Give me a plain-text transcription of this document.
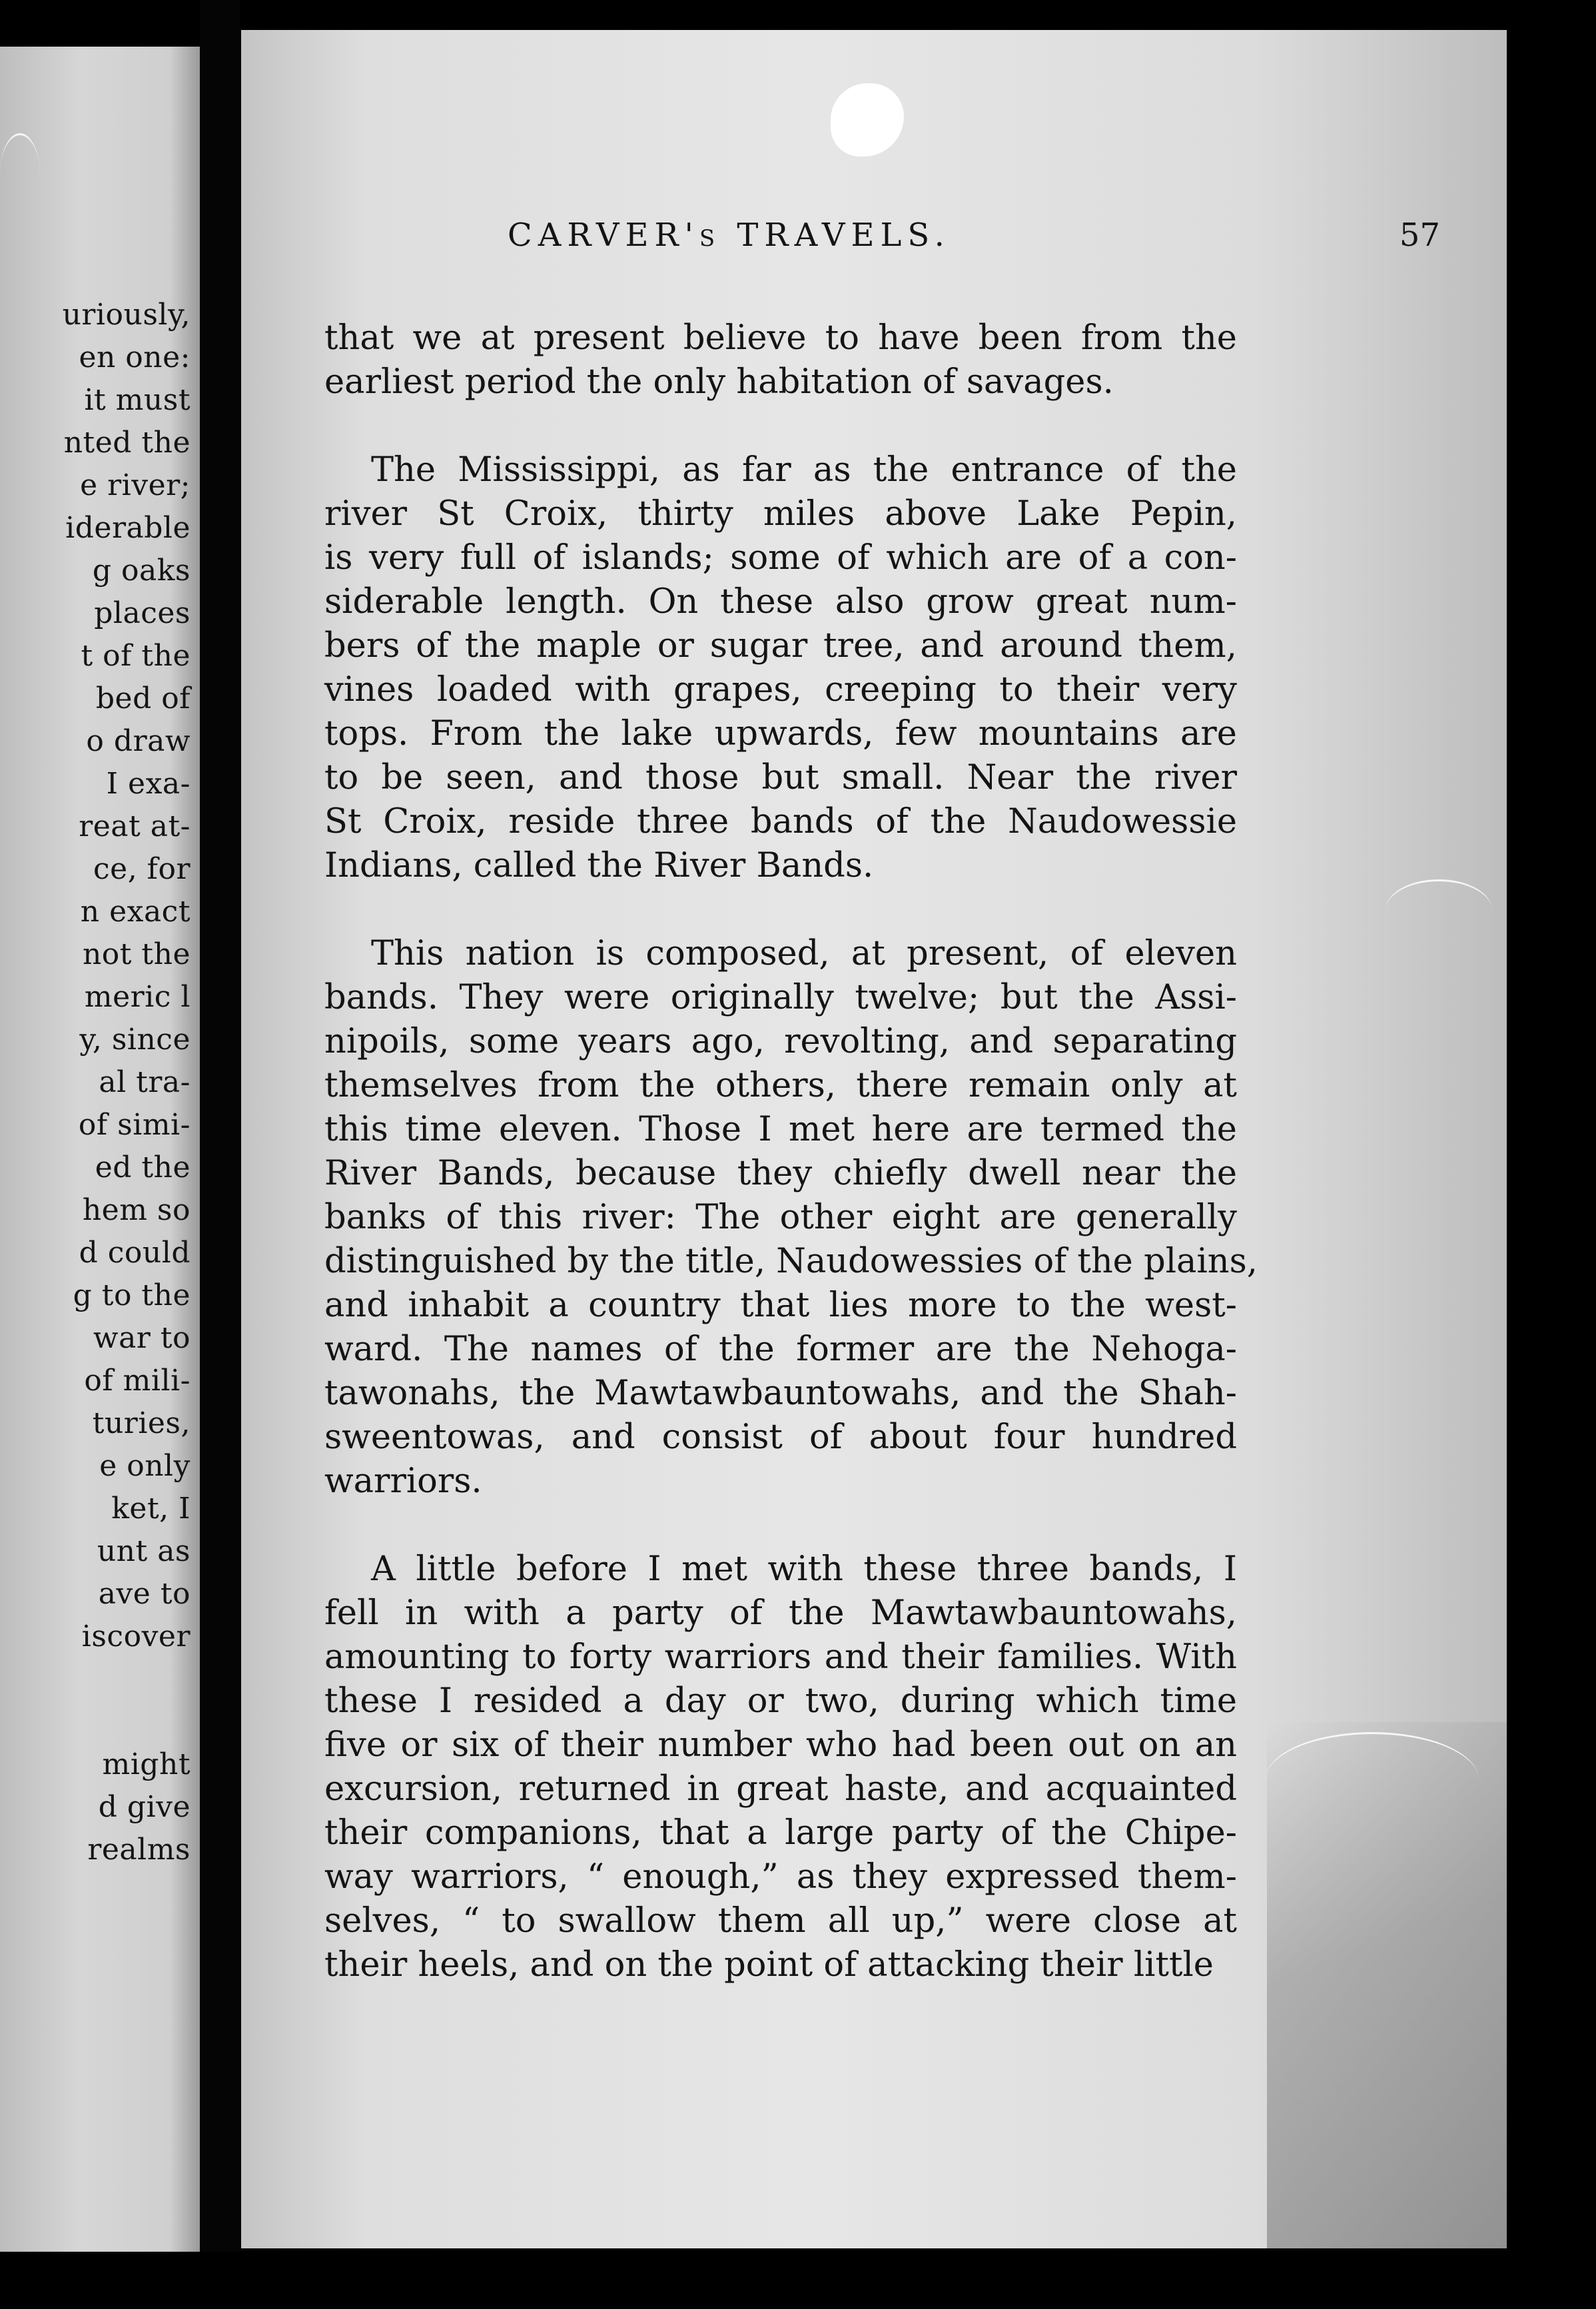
uriously,
en one:
it must
nted the
e river;
iderable
g oaks
places
t of the
bed of
o draw
I exa-
reat at-
ce, for
n exact
not the
meric l
y, since
al tra-
of simi-
ed the
hem so
d could
g to the
war to
of mili-
turies,
e only
ket, I
unt as
ave to
iscover
might
d give
realms
CARVER's TRAVELS.	57
that we at present believe to have been from the
earliest period the only habitation of savages.
The Mississippi, as far as the entrance of the
river St Croix, thirty miles above Lake Pepin,
is very full of islands; some of which are of a con-
siderable length. On these also grow great num-
bers of the maple or sugar tree, and around them,
vines loaded with grapes, creeping to their very
tops. From the lake upwards, few mountains are
to be seen, and those but small. Near the river
St Croix, reside three bands of the Naudowessie
Indians, called the River Bands.
This nation is composed, at present, of eleven
bands. They were originally twelve; but the Assi-
nipoils, some years ago, revolting, and separating
themselves from the others, there remain only at
this time eleven. Those I met here are termed the
River Bands, because they chiefly dwell near the
banks of this river: The other eight are generally
distinguished by the title, Naudowessies of the plains,
and inhabit a country that lies more to the west-
ward. The names of the former are the Nehoga-
tawonahs, the Mawtawbauntowahs, and the Shah-
sweentowas, and consist of about four hundred
warriors.
A little before I met with these three bands, I
fell in with a party of the Mawtawbauntowahs,
amounting to forty warriors and their families. With
these I resided a day or two, during which time
five or six of their number who had been out on an
excursion, returned in great haste, and acquainted
their companions, that a large party of the Chipe-
way warriors, “ enough,” as they expressed them-
selves, “ to swallow them all up,” were close at
their heels, and on the point of attacking their little
